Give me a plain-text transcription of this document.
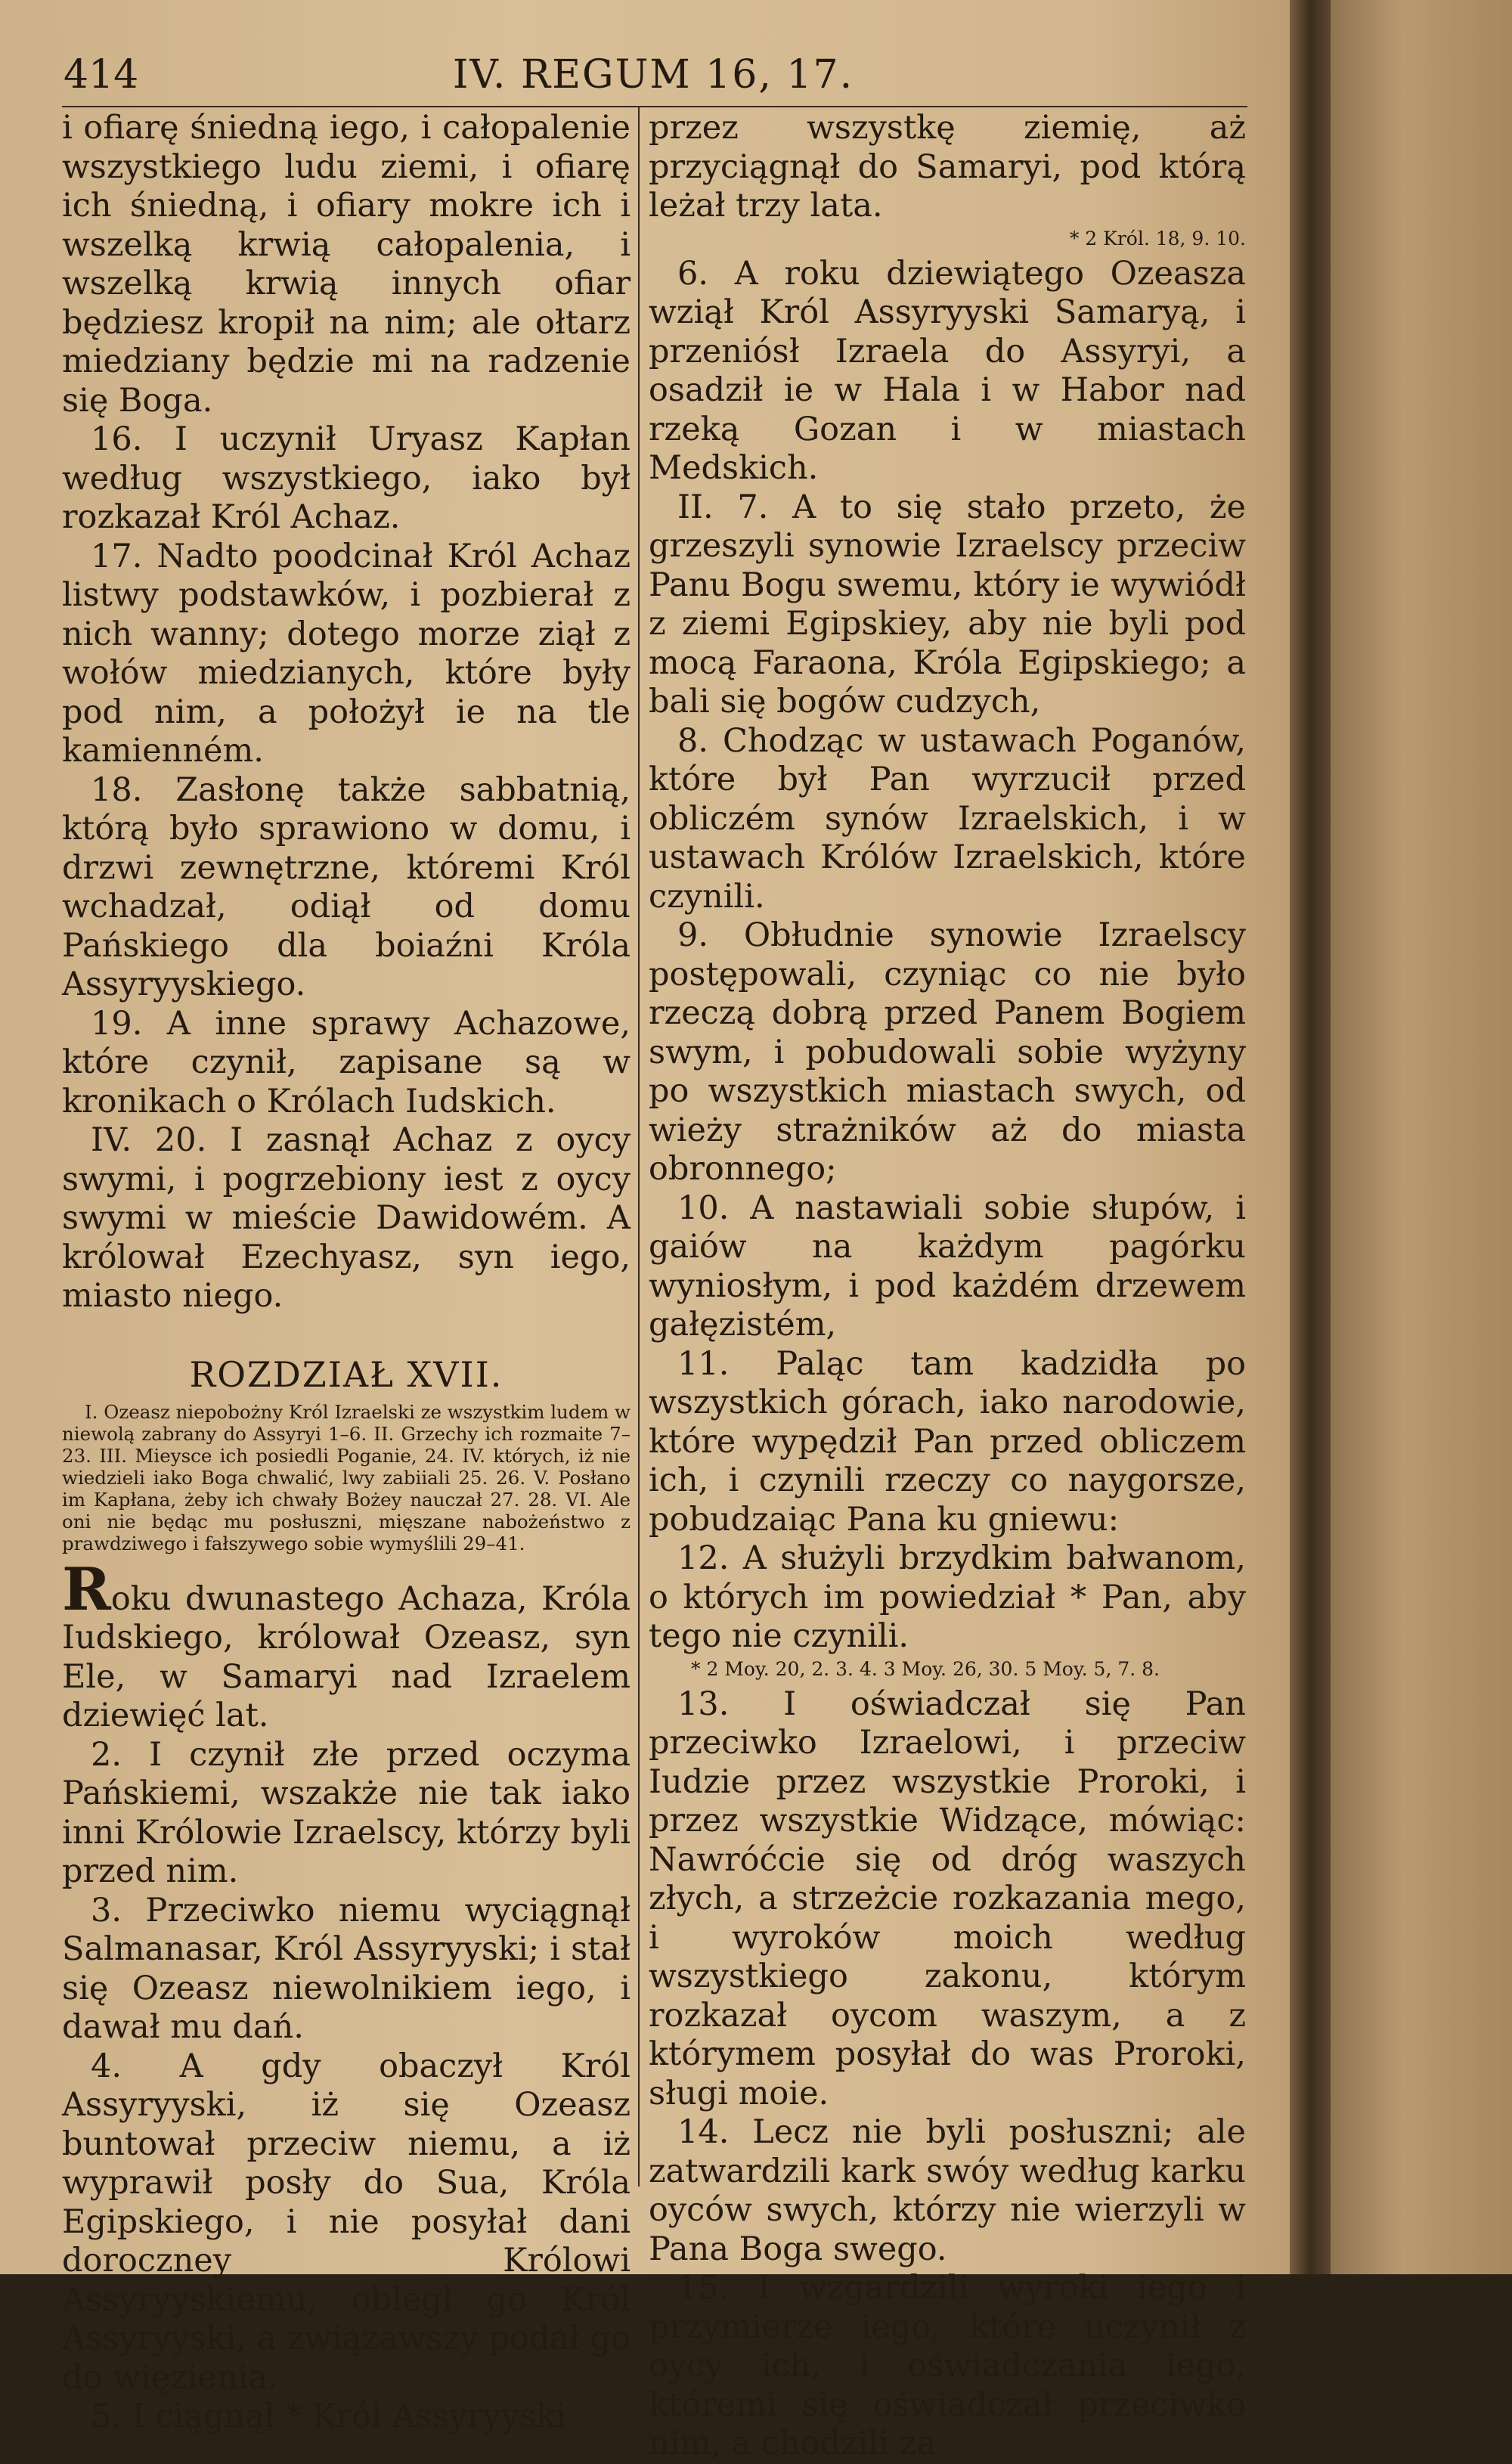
414	IV. REGUM 16, 17.

i ofiarę śniedną iego, i całopalenie wszystkiego ludu ziemi, i ofiarę ich śniedną, i ofiary mokre ich i wszelką krwią całopalenia, i wszelką krwią innych ofiar będziesz kropił na nim; ale ołtarz miedziany będzie mi na radzenie się Boga.

16. I uczynił Uryasz Kapłan według wszystkiego, iako był rozkazał Król Achaz.

17. Nadto poodcinał Król Achaz listwy podstawków, i pozbierał z nich wanny; dotego morze ziął z wołów miedzianych, które były pod nim, a położył ie na tle kamienném.

18. Zasłonę także sabbatnią, którą było sprawiono w domu, i drzwi zewnętrzne, któremi Król wchadzał, odiął od domu Pańskiego dla boiaźni Króla Assyryyskiego.

19. A inne sprawy Achazowe, które czynił, zapisane są w kronikach o Królach Iudskich.

IV. 20. I zasnął Achaz z oycy swymi, i pogrzebiony iest z oycy swymi w mieście Dawidowém. A królował Ezechyasz, syn iego, miasto niego.

ROZDZIAŁ XVII.

I. Ozeasz niepobożny Król Izraelski ze wszystkim ludem w niewolą zabrany do Assyryi 1–6. II. Grzechy ich rozmaite 7–23. III. Mieysce ich posiedli Poganie, 24. IV. których, iż nie wiedzieli iako Boga chwalić, lwy zabiiali 25. 26. V. Posłano im Kapłana, żeby ich chwały Bożey nauczał 27. 28. VI. Ale oni nie będąc mu posłuszni, mięszane nabożeństwo z prawdziwego i fałszywego sobie wymyślili 29–41.

Roku dwunastego Achaza, Króla Iudskiego, królował Ozeasz, syn Ele, w Samaryi nad Izraelem dziewięć lat.

2. I czynił złe przed oczyma Pańskiemi, wszakże nie tak iako inni Królowie Izraelscy, którzy byli przed nim.

3. Przeciwko niemu wyciągnął Salmanasar, Król Assyryyski; i stał się Ozeasz niewolnikiem iego, i dawał mu dań.

4. A gdy obaczył Król Assyryyski, iż się Ozeasz buntował przeciw niemu, a iż wyprawił posły do Sua, Króla Egipskiego, i nie posyłał dani doroczney Królowi Assyryyskiemu, obległ go Król Assyryyski, a związawszy podał go do więzienia.

5. I ciągnął * Król Assyryyski

przez wszystkę ziemię, aż przyciągnął do Samaryi, pod którą leżał trzy lata.

* 2 Król. 18, 9. 10.

6. A roku dziewiątego Ozeasza wziął Król Assyryyski Samaryą, i przeniósł Izraela do Assyryi, a osadził ie w Hala i w Habor nad rzeką Gozan i w miastach Medskich.

II. 7. A to się stało przeto, że grzeszyli synowie Izraelscy przeciw Panu Bogu swemu, który ie wywiódł z ziemi Egipskiey, aby nie byli pod mocą Faraona, Króla Egipskiego; a bali się bogów cudzych,

8. Chodząc w ustawach Poganów, które był Pan wyrzucił przed obliczém synów Izraelskich, i w ustawach Królów Izraelskich, które czynili.

9. Obłudnie synowie Izraelscy postępowali, czyniąc co nie było rzeczą dobrą przed Panem Bogiem swym, i pobudowali sobie wyżyny po wszystkich miastach swych, od wieży strażników aż do miasta obronnego;

10. A nastawiali sobie słupów, i gaiów na każdym pagórku wyniosłym, i pod każdém drzewem gałęzistém,

11. Paląc tam kadzidła po wszystkich górach, iako narodowie, które wypędził Pan przed obliczem ich, i czynili rzeczy co naygorsze, pobudzaiąc Pana ku gniewu:

12. A służyli brzydkim bałwanom, o których im powiedział * Pan, aby tego nie czynili.

* 2 Moy. 20, 2. 3. 4. 3 Moy. 26, 30. 5 Moy. 5, 7. 8.

13. I oświadczał się Pan przeciwko Izraelowi, i przeciw Iudzie przez wszystkie Proroki, i przez wszystkie Widzące, mówiąc: Nawróćcie się od dróg waszych złych, a strzeżcie rozkazania mego, i wyroków moich według wszystkiego zakonu, którym rozkazał oycom waszym, a z którymem posyłał do was Proroki, sługi moie.

14. Lecz nie byli posłuszni; ale zatwardzili kark swóy według karku oyców swych, którzy nie wierzyli w Pana Boga swego.

15. I wzgardzili wyroki iego i przymierze iego, które uczynił z oycy ich, i oświadczania iego, któremi się oświadczał przeciwko nim, a chodzili za
